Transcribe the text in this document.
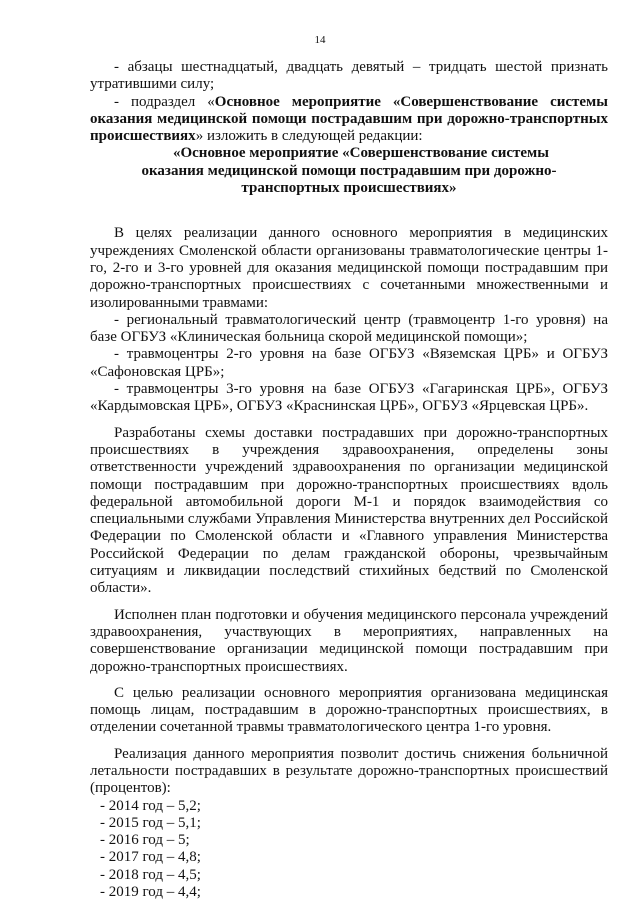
14

- абзацы шестнадцатый, двадцать девятый – тридцать шестой признать утратившими силу;

- подраздел «Основное мероприятие «Совершенствование системы оказания медицинской помощи пострадавшим при дорожно-транспортных происшествиях» изложить в следующей редакции:

«Основное мероприятие «Совершенствование системы оказания медицинской помощи пострадавшим при дорожно-транспортных происшествиях»

В целях реализации данного основного мероприятия в медицинских учреждениях Смоленской области организованы травматологические центры 1-го, 2-го и 3-го уровней для оказания медицинской помощи пострадавшим при дорожно-транспортных происшествиях с сочетанными множественными и изолированными травмами:

- региональный травматологический центр (травмоцентр 1-го уровня) на базе ОГБУЗ «Клиническая больница скорой медицинской помощи»;

- травмоцентры 2-го уровня на базе ОГБУЗ «Вяземская ЦРБ» и ОГБУЗ «Сафоновская ЦРБ»;

- травмоцентры 3-го уровня на базе ОГБУЗ «Гагаринская ЦРБ», ОГБУЗ «Кардымовская ЦРБ», ОГБУЗ «Краснинская ЦРБ», ОГБУЗ «Ярцевская ЦРБ».

Разработаны схемы доставки пострадавших при дорожно-транспортных происшествиях в учреждения здравоохранения, определены зоны ответственности учреждений здравоохранения по организации медицинской помощи пострадавшим при дорожно-транспортных происшествиях вдоль федеральной автомобильной дороги М-1 и порядок взаимодействия со специальными службами Управления Министерства внутренних дел Российской Федерации по Смоленской области и «Главного управления Министерства Российской Федерации по делам гражданской обороны, чрезвычайным ситуациям и ликвидации последствий стихийных бедствий по Смоленской области».

Исполнен план подготовки и обучения медицинского персонала учреждений здравоохранения, участвующих в мероприятиях, направленных на совершенствование организации медицинской помощи пострадавшим при дорожно-транспортных происшествиях.

С целью реализации основного мероприятия организована медицинская помощь лицам, пострадавшим в дорожно-транспортных происшествиях, в отделении сочетанной травмы травматологического центра 1-го уровня.

Реализация данного мероприятия позволит достичь снижения больничной летальности пострадавших в результате дорожно-транспортных происшествий (процентов):

- 2014 год – 5,2;
- 2015 год – 5,1;
- 2016 год – 5;
- 2017 год – 4,8;
- 2018 год – 4,5;
- 2019 год – 4,4;
